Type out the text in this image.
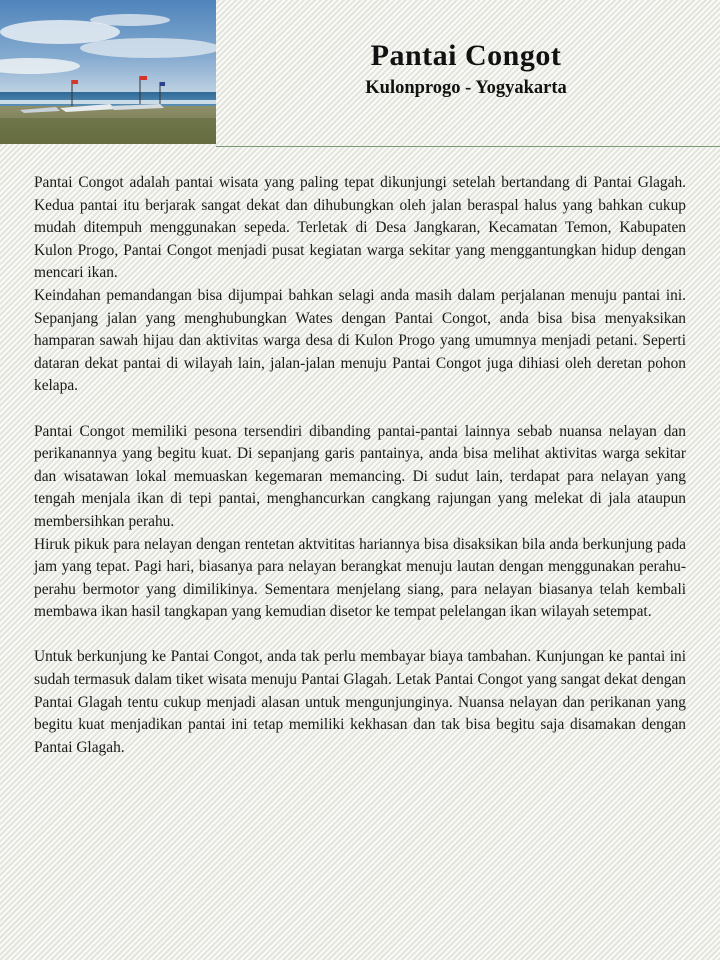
Pantai Congot
Kulonprogo - Yogyakarta

Pantai Congot adalah pantai wisata yang paling tepat dikunjungi setelah bertandang di Pantai Glagah. Kedua pantai itu berjarak sangat dekat dan dihubungkan oleh jalan beraspal halus yang bahkan cukup mudah ditempuh menggunakan sepeda. Terletak di Desa Jangkaran, Kecamatan Temon, Kabupaten Kulon Progo, Pantai Congot menjadi pusat kegiatan warga sekitar yang menggantungkan hidup dengan mencari ikan.

Keindahan pemandangan bisa dijumpai bahkan selagi anda masih dalam perjalanan menuju pantai ini. Sepanjang jalan yang menghubungkan Wates dengan Pantai Congot, anda bisa bisa menyaksikan hamparan sawah hijau dan aktivitas warga desa di Kulon Progo yang umumnya menjadi petani. Seperti dataran dekat pantai di wilayah lain, jalan-jalan menuju Pantai Congot juga dihiasi oleh deretan pohon kelapa.

Pantai Congot memiliki pesona tersendiri dibanding pantai-pantai lainnya sebab nuansa nelayan dan perikanannya yang begitu kuat. Di sepanjang garis pantainya, anda bisa melihat aktivitas warga sekitar dan wisatawan lokal memuaskan kegemaran memancing. Di sudut lain, terdapat para nelayan yang tengah menjala ikan di tepi pantai, menghancurkan cangkang rajungan yang melekat di jala ataupun membersihkan perahu.

Hiruk pikuk para nelayan dengan rentetan aktvititas hariannya bisa disaksikan bila anda berkunjung pada jam yang tepat. Pagi hari, biasanya para nelayan berangkat menuju lautan dengan menggunakan perahu-perahu bermotor yang dimilikinya. Sementara menjelang siang, para nelayan biasanya telah kembali membawa ikan hasil tangkapan yang kemudian disetor ke tempat pelelangan ikan wilayah setempat.

Untuk berkunjung ke Pantai Congot, anda tak perlu membayar biaya tambahan. Kunjungan ke pantai ini sudah termasuk dalam tiket wisata menuju Pantai Glagah. Letak Pantai Congot yang sangat dekat dengan Pantai Glagah tentu cukup menjadi alasan untuk mengunjunginya. Nuansa nelayan dan perikanan yang begitu kuat menjadikan pantai ini tetap memiliki kekhasan dan tak bisa begitu saja disamakan dengan Pantai Glagah.
